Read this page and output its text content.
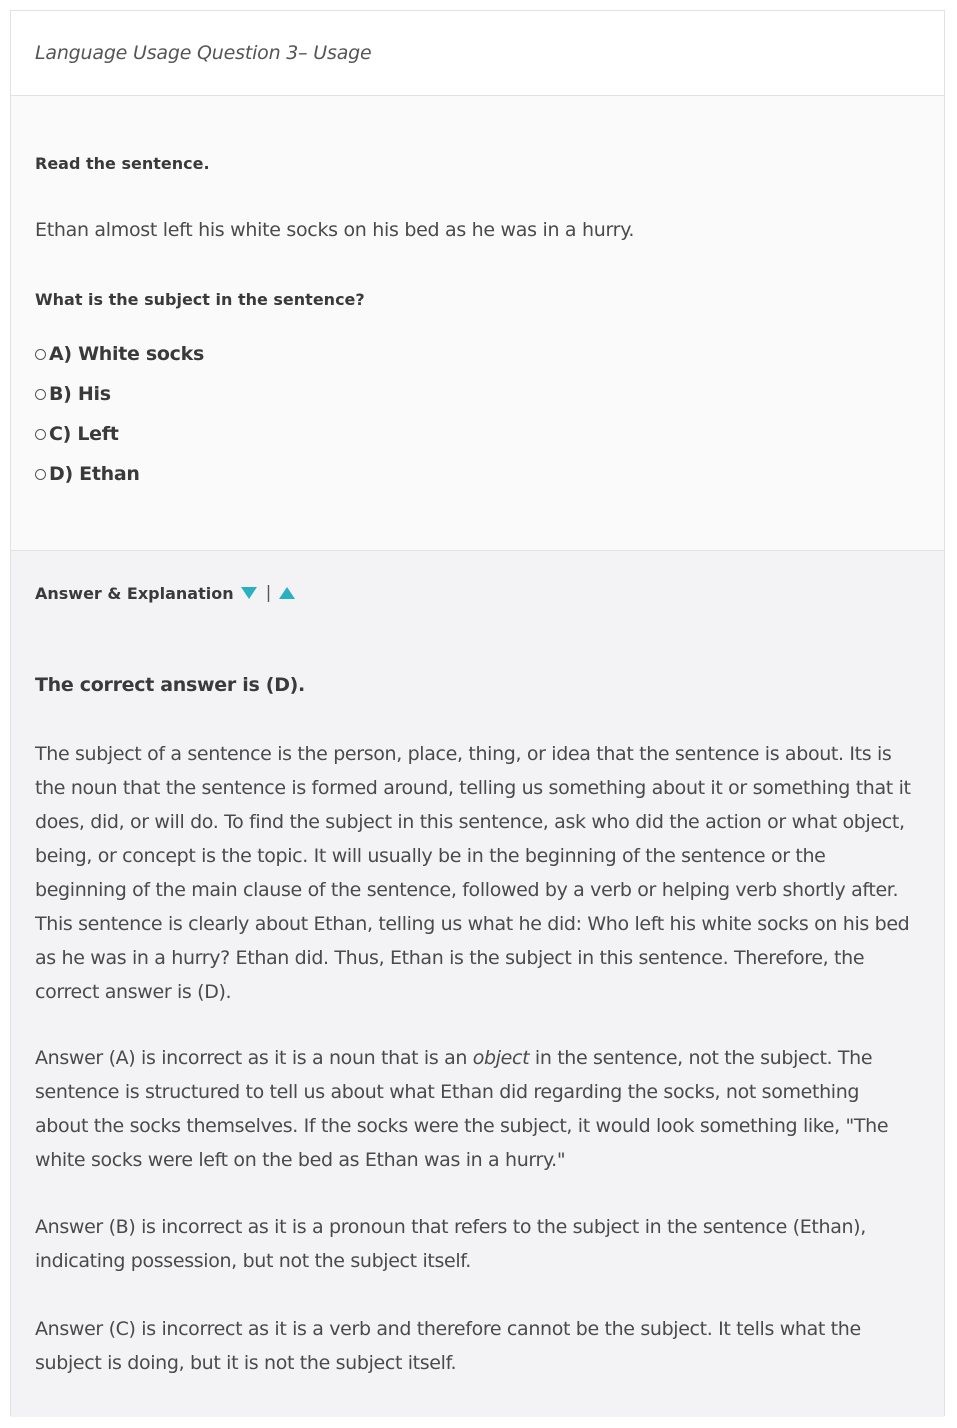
Language Usage Question 3– Usage
Read the sentence.
Ethan almost left his white socks on his bed as he was in a hurry.
What is the subject in the sentence?
A) White socks
B) His
C) Left
D) Ethan
Answer & Explanation |
The correct answer is (D).

The subject of a sentence is the person, place, thing, or idea that the sentence is about. Its is the noun that the sentence is formed around, telling us something about it or something that it does, did, or will do. To find the subject in this sentence, ask who did the action or what object, being, or concept is the topic. It will usually be in the beginning of the sentence or the beginning of the main clause of the sentence, followed by a verb or helping verb shortly after. This sentence is clearly about Ethan, telling us what he did: Who left his white socks on his bed as he was in a hurry? Ethan did. Thus, Ethan is the subject in this sentence. Therefore, the correct answer is (D).

Answer (A) is incorrect as it is a noun that is an object in the sentence, not the subject. The sentence is structured to tell us about what Ethan did regarding the socks, not something about the socks themselves. If the socks were the subject, it would look something like, "The white socks were left on the bed as Ethan was in a hurry."

Answer (B) is incorrect as it is a pronoun that refers to the subject in the sentence (Ethan), indicating possession, but not the subject itself.

Answer (C) is incorrect as it is a verb and therefore cannot be the subject. It tells what the subject is doing, but it is not the subject itself.
